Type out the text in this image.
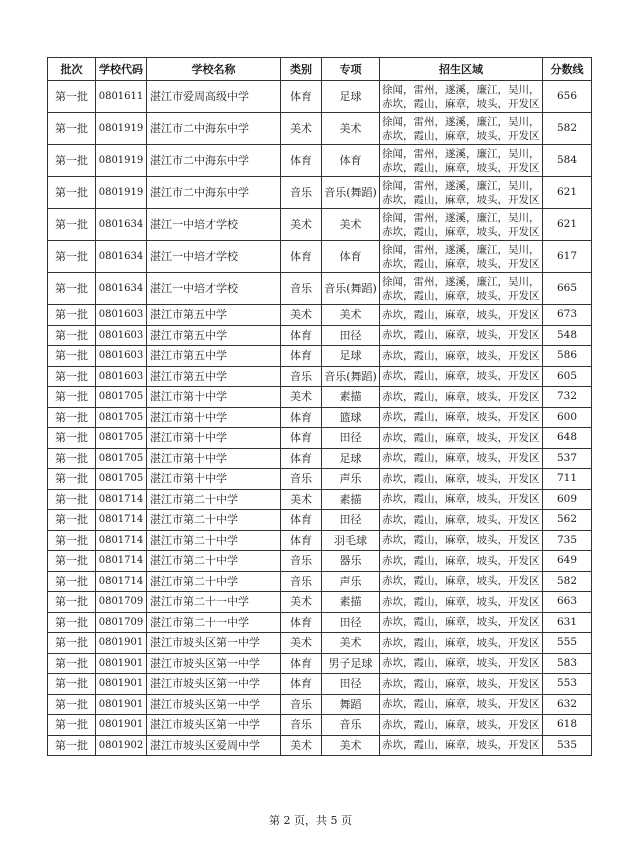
批次	学校代码	学校名称	类别	专项	招生区域	分数线
第一批	0801611	湛江市爱周高级中学	体育	足球	徐闻，雷州，遂溪，廉江，吴川，赤坎，霞山，麻章，坡头，开发区	656
第一批	0801919	湛江市二中海东中学	美术	美术	徐闻，雷州，遂溪，廉江，吴川，赤坎，霞山，麻章，坡头，开发区	582
第一批	0801919	湛江市二中海东中学	体育	体育	徐闻，雷州，遂溪，廉江，吴川，赤坎，霞山，麻章，坡头，开发区	584
第一批	0801919	湛江市二中海东中学	音乐	音乐(舞蹈)	徐闻，雷州，遂溪，廉江，吴川，赤坎，霞山，麻章，坡头，开发区	621
第一批	0801634	湛江一中培才学校	美术	美术	徐闻，雷州，遂溪，廉江，吴川，赤坎，霞山，麻章，坡头，开发区	621
第一批	0801634	湛江一中培才学校	体育	体育	徐闻，雷州，遂溪，廉江，吴川，赤坎，霞山，麻章，坡头，开发区	617
第一批	0801634	湛江一中培才学校	音乐	音乐(舞蹈)	徐闻，雷州，遂溪，廉江，吴川，赤坎，霞山，麻章，坡头，开发区	665
第一批	0801603	湛江市第五中学	美术	美术	赤坎，霞山，麻章，坡头，开发区	673
第一批	0801603	湛江市第五中学	体育	田径	赤坎，霞山，麻章，坡头，开发区	548
第一批	0801603	湛江市第五中学	体育	足球	赤坎，霞山，麻章，坡头，开发区	586
第一批	0801603	湛江市第五中学	音乐	音乐(舞蹈)	赤坎，霞山，麻章，坡头，开发区	605
第一批	0801705	湛江市第十中学	美术	素描	赤坎，霞山，麻章，坡头，开发区	732
第一批	0801705	湛江市第十中学	体育	篮球	赤坎，霞山，麻章，坡头，开发区	600
第一批	0801705	湛江市第十中学	体育	田径	赤坎，霞山，麻章，坡头，开发区	648
第一批	0801705	湛江市第十中学	体育	足球	赤坎，霞山，麻章，坡头，开发区	537
第一批	0801705	湛江市第十中学	音乐	声乐	赤坎，霞山，麻章，坡头，开发区	711
第一批	0801714	湛江市第二十中学	美术	素描	赤坎，霞山，麻章，坡头，开发区	609
第一批	0801714	湛江市第二十中学	体育	田径	赤坎，霞山，麻章，坡头，开发区	562
第一批	0801714	湛江市第二十中学	体育	羽毛球	赤坎，霞山，麻章，坡头，开发区	735
第一批	0801714	湛江市第二十中学	音乐	器乐	赤坎，霞山，麻章，坡头，开发区	649
第一批	0801714	湛江市第二十中学	音乐	声乐	赤坎，霞山，麻章，坡头，开发区	582
第一批	0801709	湛江市第二十一中学	美术	素描	赤坎，霞山，麻章，坡头，开发区	663
第一批	0801709	湛江市第二十一中学	体育	田径	赤坎，霞山，麻章，坡头，开发区	631
第一批	0801901	湛江市坡头区第一中学	美术	美术	赤坎，霞山，麻章，坡头，开发区	555
第一批	0801901	湛江市坡头区第一中学	体育	男子足球	赤坎，霞山，麻章，坡头，开发区	583
第一批	0801901	湛江市坡头区第一中学	体育	田径	赤坎，霞山，麻章，坡头，开发区	553
第一批	0801901	湛江市坡头区第一中学	音乐	舞蹈	赤坎，霞山，麻章，坡头，开发区	632
第一批	0801901	湛江市坡头区第一中学	音乐	音乐	赤坎，霞山，麻章，坡头，开发区	618
第一批	0801902	湛江市坡头区爱周中学	美术	美术	赤坎，霞山，麻章，坡头，开发区	535
第 2 页，共 5 页
